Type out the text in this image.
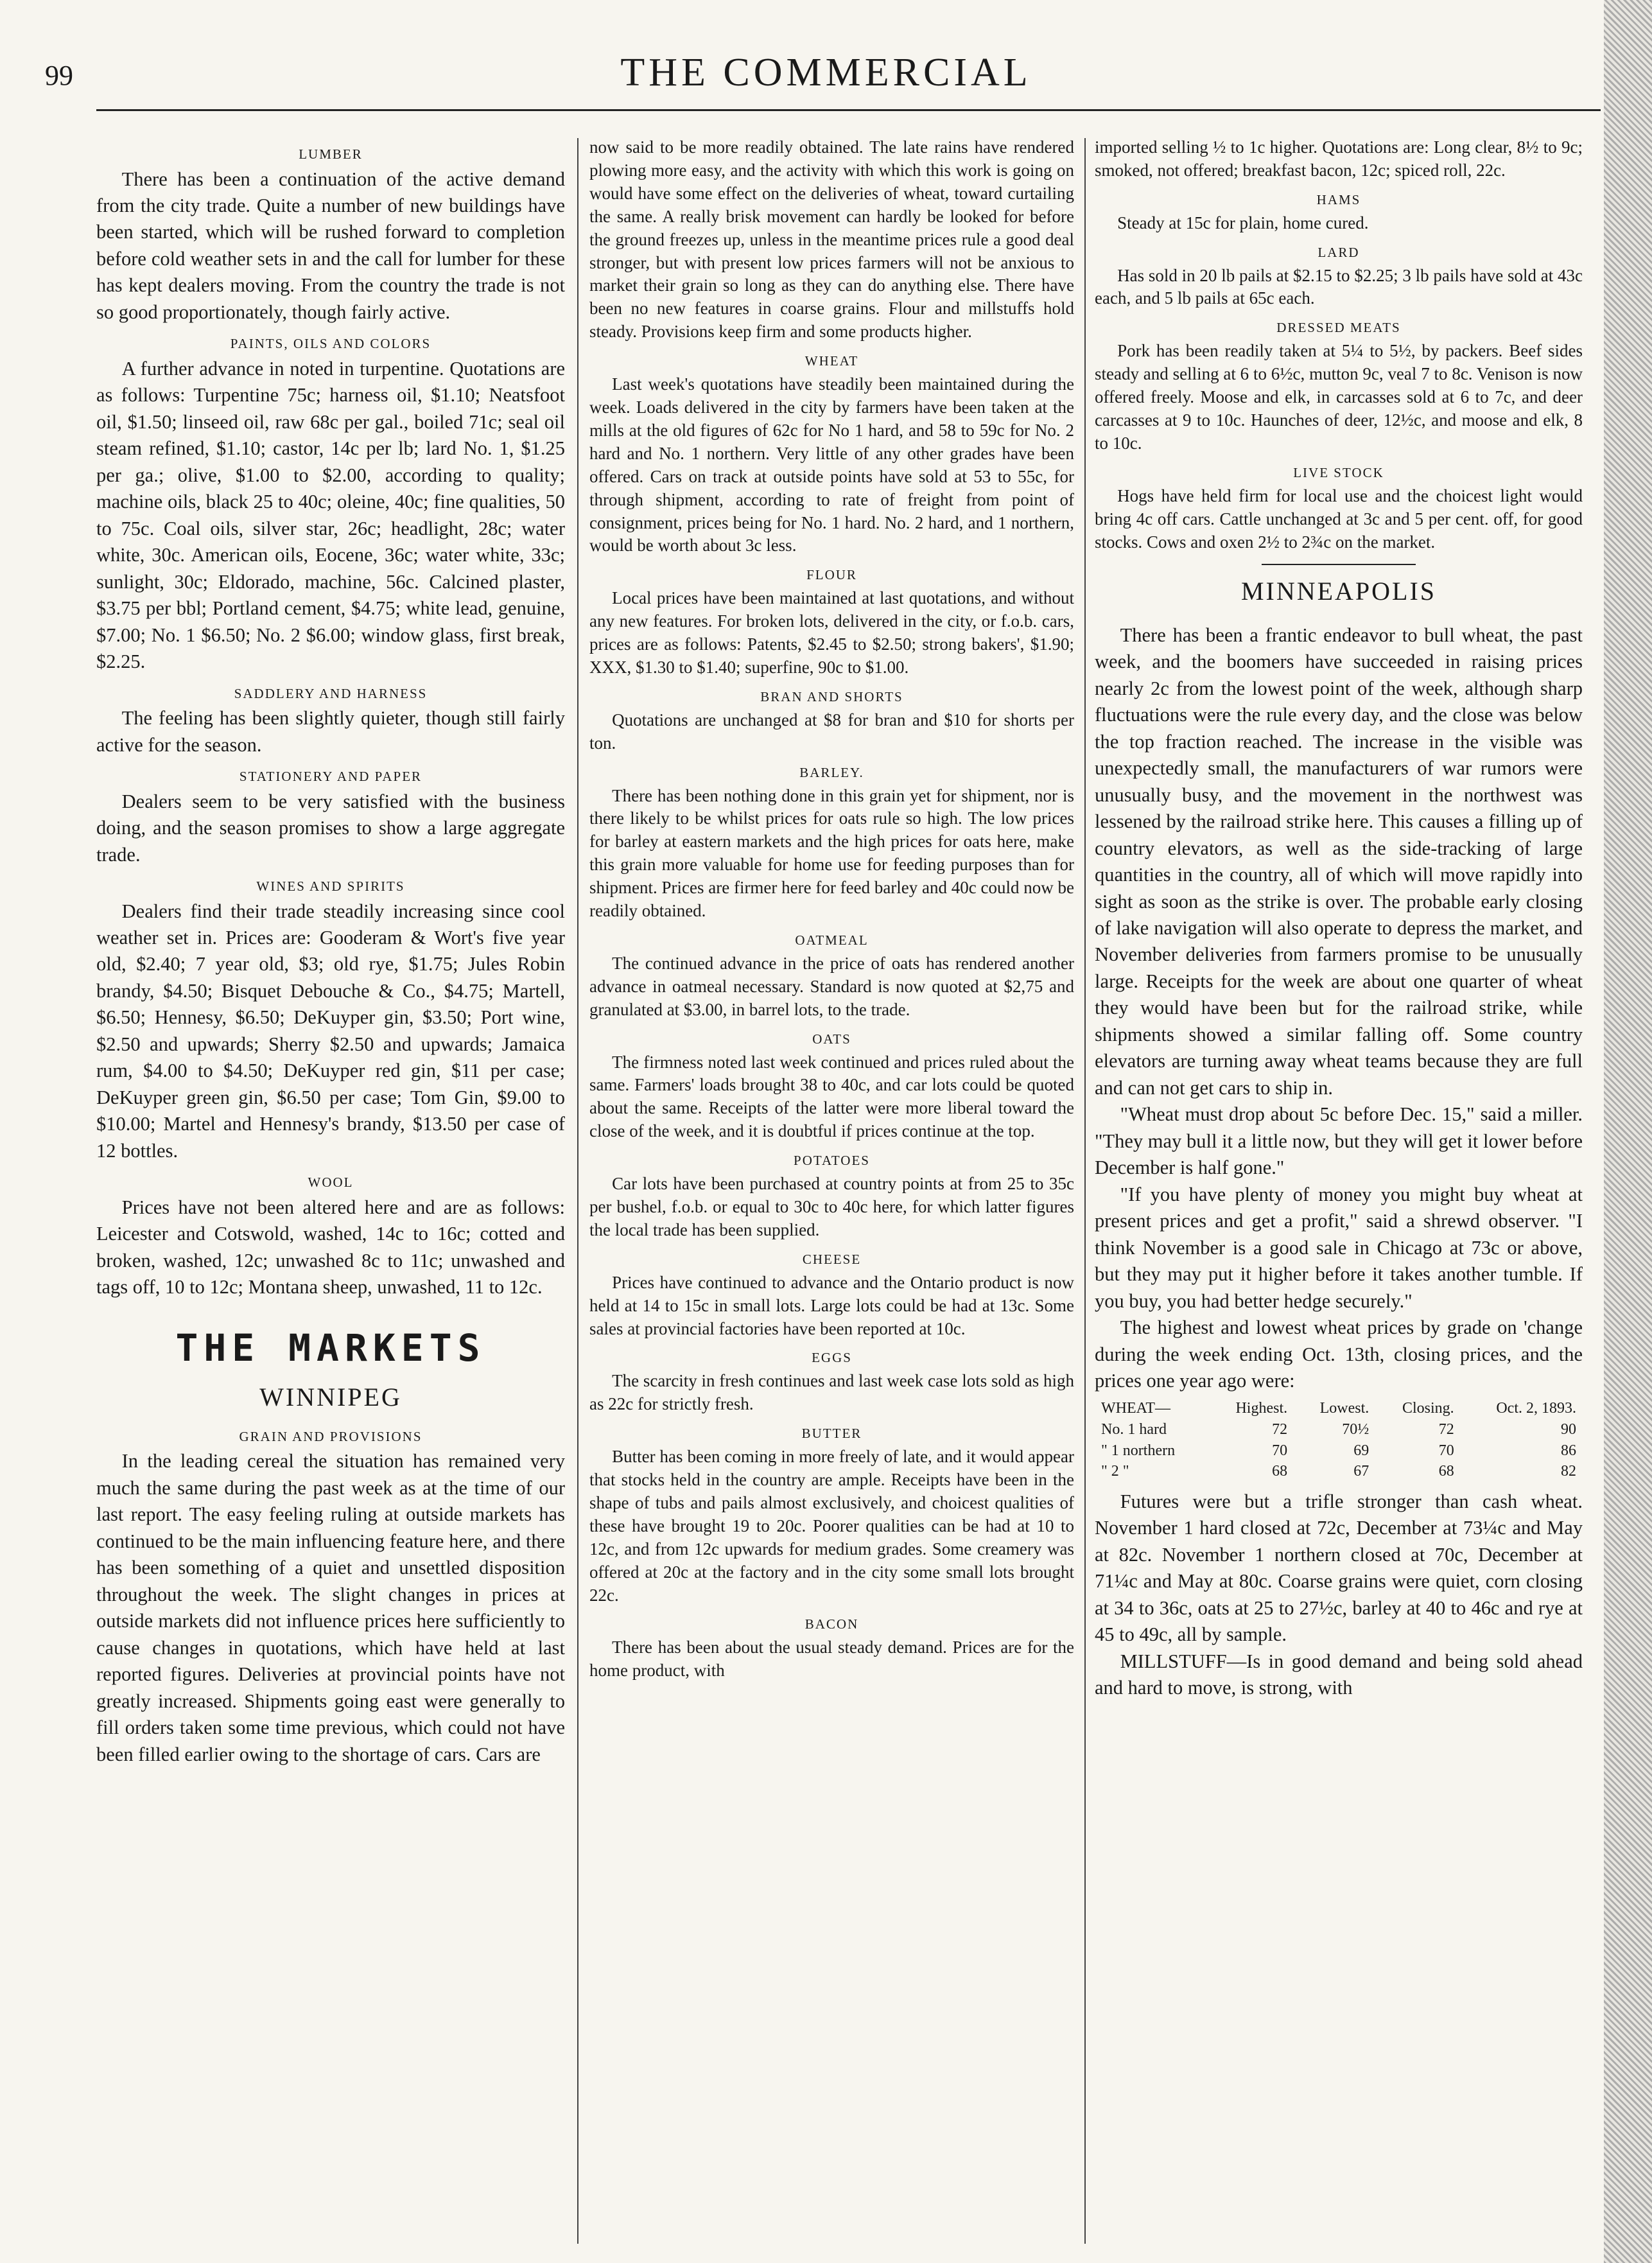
99	THE COMMERCIAL
LUMBER

There has been a continuation of the active demand from the city trade. Quite a number of new buildings have been started, which will be rushed forward to completion before cold weather sets in and the call for lumber for these has kept dealers moving. From the country the trade is not so good proportionately, though fairly active.

PAINTS, OILS AND COLORS

A further advance in noted in turpentine. Quotations are as follows: Turpentine 75c; harness oil, $1.10; Neatsfoot oil, $1.50; linseed oil, raw 68c per gal., boiled 71c; seal oil steam refined, $1.10; castor, 14c per lb; lard No. 1, $1.25 per ga.; olive, $1.00 to $2.00, according to quality; machine oils, black 25 to 40c; oleine, 40c; fine qualities, 50 to 75c. Coal oils, silver star, 26c; headlight, 28c; water white, 30c. American oils, Eocene, 36c; water white, 33c; sunlight, 30c; Eldorado, machine, 56c. Calcined plaster, $3.75 per bbl; Portland cement, $4.75; white lead, genuine, $7.00; No. 1 $6.50; No. 2 $6.00; window glass, first break, $2.25.

SADDLERY AND HARNESS

The feeling has been slightly quieter, though still fairly active for the season.

STATIONERY AND PAPER

Dealers seem to be very satisfied with the business doing, and the season promises to show a large aggregate trade.

WINES AND SPIRITS

Dealers find their trade steadily increasing since cool weather set in. Prices are: Gooderam & Wort's five year old, $2.40; 7 year old, $3; old rye, $1.75; Jules Robin brandy, $4.50; Bisquet Debouche & Co., $4.75; Martell, $6.50; Hennesy, $6.50; DeKuyper gin, $3.50; Port wine, $2.50 and upwards; Sherry $2.50 and upwards; Jamaica rum, $4.00 to $4.50; DeKuyper red gin, $11 per case; DeKuyper green gin, $6.50 per case; Tom Gin, $9.00 to $10.00; Martel and Hennesy's brandy, $13.50 per case of 12 bottles.

WOOL

Prices have not been altered here and are as follows: Leicester and Cotswold, washed, 14c to 16c; cotted and broken, washed, 12c; unwashed 8c to 11c; unwashed and tags off, 10 to 12c; Montana sheep, unwashed, 11 to 12c.

THE MARKETS
WINNIPEG
GRAIN AND PROVISIONS

In the leading cereal the situation has remained very much the same during the past week as at the time of our last report. The easy feeling ruling at outside markets has continued to be the main influencing feature here, and there has been something of a quiet and unsettled disposition throughout the week. The slight changes in prices at outside markets did not influence prices here sufficiently to cause changes in quotations, which have held at last reported figures. Deliveries at provincial points have not greatly increased. Shipments going east were generally to fill orders taken some time previous, which could not have been filled earlier owing to the shortage of cars. Cars are

now said to be more readily obtained. The late rains have rendered plowing more easy, and the activity with which this work is going on would have some effect on the deliveries of wheat, toward curtailing the same. A really brisk movement can hardly be looked for before the ground freezes up, unless in the meantime prices rule a good deal stronger, but with present low prices farmers will not be anxious to market their grain so long as they can do anything else. There have been no new features in coarse grains. Flour and millstuffs hold steady. Provisions keep firm and some products higher.

WHEAT

Last week's quotations have steadily been maintained during the week. Loads delivered in the city by farmers have been taken at the mills at the old figures of 62c for No 1 hard, and 58 to 59c for No. 2 hard and No. 1 northern. Very little of any other grades have been offered. Cars on track at outside points have sold at 53 to 55c, for through shipment, according to rate of freight from point of consignment, prices being for No. 1 hard. No. 2 hard, and 1 northern, would be worth about 3c less.

FLOUR

Local prices have been maintained at last quotations, and without any new features. For broken lots, delivered in the city, or f.o.b. cars, prices are as follows: Patents, $2.45 to $2.50; strong bakers', $1.90; XXX, $1.30 to $1.40; superfine, 90c to $1.00.

BRAN AND SHORTS

Quotations are unchanged at $8 for bran and $10 for shorts per ton.

BARLEY.

There has been nothing done in this grain yet for shipment, nor is there likely to be whilst prices for oats rule so high. The low prices for barley at eastern markets and the high prices for oats here, make this grain more valuable for home use for feeding purposes than for shipment. Prices are firmer here for feed barley and 40c could now be readily obtained.

OATMEAL

The continued advance in the price of oats has rendered another advance in oatmeal necessary. Standard is now quoted at $2,75 and granulated at $3.00, in barrel lots, to the trade.

OATS

The firmness noted last week continued and prices ruled about the same. Farmers' loads brought 38 to 40c, and car lots could be quoted about the same. Receipts of the latter were more liberal toward the close of the week, and it is doubtful if prices continue at the top.

POTATOES

Car lots have been purchased at country points at from 25 to 35c per bushel, f.o.b. or equal to 30c to 40c here, for which latter figures the local trade has been supplied.

CHEESE

Prices have continued to advance and the Ontario product is now held at 14 to 15c in small lots. Large lots could be had at 13c. Some sales at provincial factories have been reported at 10c.

EGGS

The scarcity in fresh continues and last week case lots sold as high as 22c for strictly fresh.

BUTTER

Butter has been coming in more freely of late, and it would appear that stocks held in the country are ample. Receipts have been in the shape of tubs and pails almost exclusively, and choicest qualities of these have brought 19 to 20c. Poorer qualities can be had at 10 to 12c, and from 12c upwards for medium grades. Some creamery was offered at 20c at the factory and in the city some small lots brought 22c.

BACON

There has been about the usual steady demand. Prices are for the home product, with

imported selling ½ to 1c higher. Quotations are: Long clear, 8½ to 9c; smoked, not offered; breakfast bacon, 12c; spiced roll, 22c.

HAMS

Steady at 15c for plain, home cured.

LARD

Has sold in 20 lb pails at $2.15 to $2.25; 3 lb pails have sold at 43c each, and 5 lb pails at 65c each.

DRESSED MEATS

Pork has been readily taken at 5¼ to 5½, by packers. Beef sides steady and selling at 6 to 6½c, mutton 9c, veal 7 to 8c. Venison is now offered freely. Moose and elk, in carcasses sold at 6 to 7c, and deer carcasses at 9 to 10c. Haunches of deer, 12½c, and moose and elk, 8 to 10c.

LIVE STOCK

Hogs have held firm for local use and the choicest light would bring 4c off cars. Cattle unchanged at 3c and 5 per cent. off, for good stocks. Cows and oxen 2½ to 2¾c on the market.

MINNEAPOLIS

There has been a frantic endeavor to bull wheat, the past week, and the boomers have succeeded in raising prices nearly 2c from the lowest point of the week, although sharp fluctuations were the rule every day, and the close was below the top fraction reached. The increase in the visible was unexpectedly small, the manufacturers of war rumors were unusually busy, and the movement in the northwest was lessened by the railroad strike here. This causes a filling up of country elevators, as well as the side-tracking of large quantities in the country, all of which will move rapidly into sight as soon as the strike is over. The probable early closing of lake navigation will also operate to depress the market, and November deliveries from farmers promise to be unusually large. Receipts for the week are about one quarter of wheat they would have been but for the railroad strike, while shipments showed a similar falling off. Some country elevators are turning away wheat teams because they are full and can not get cars to ship in.

"Wheat must drop about 5c before Dec. 15," said a miller. "They may bull it a little now, but they will get it lower before December is half gone."

"If you have plenty of money you might buy wheat at present prices and get a profit," said a shrewd observer. "I think November is a good sale in Chicago at 73c or above, but they may put it higher before it takes another tumble. If you buy, you had better hedge securely."

The highest and lowest wheat prices by grade on 'change during the week ending Oct. 13th, closing prices, and the prices one year ago were:

WHEAT—	Highest.	Lowest.	Closing.	Oct. 2, 1893.
No. 1 hard	72	70½	72	90
" 1 northern	70	69	70	86
" 2 "	68	67	68	82

Futures were but a trifle stronger than cash wheat. November 1 hard closed at 72c, December at 73¼c and May at 82c. November 1 northern closed at 70c, December at 71¼c and May at 80c. Coarse grains were quiet, corn closing at 34 to 36c, oats at 25 to 27½c, barley at 40 to 46c and rye at 45 to 49c, all by sample.

MILLSTUFF—Is in good demand and being sold ahead and hard to move, is strong, with
